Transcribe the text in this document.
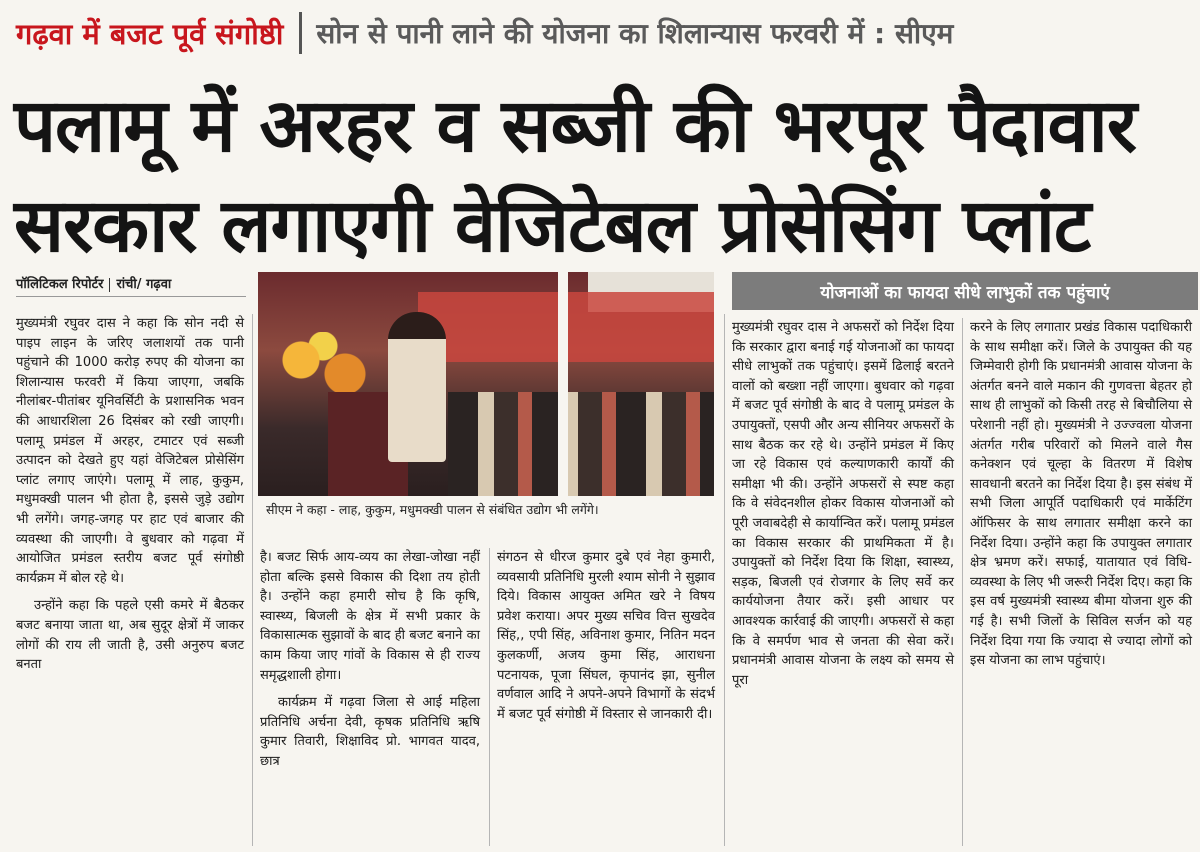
गढ़वा में बजट पूर्व संगोष्ठी सोन से पानी लाने की योजना का शिलान्यास फरवरी में : सीएम
पलामू में अरहर व सब्जी की भरपूर पैदावार
सरकार लगाएगी वेजिटेबल प्रोसेसिंग प्लांट
पॉलिटिकल रिपोर्टर रांची/ गढ़वा
सीएम ने कहा - लाह, कुकुम, मधुमक्खी पालन से संबंधित उद्योग भी लगेंगे।
योजनाओं का फायदा सीधे लाभुकों तक पहुंचाएं

मुख्यमंत्री रघुवर दास ने कहा कि सोन नदी से पाइप लाइन के जरिए जलाशयों तक पानी पहुंचाने की 1000 करोड़ रुपए की योजना का शिलान्यास फरवरी में किया जाएगा, जबकि नीलांबर-पीतांबर यूनिवर्सिटी के प्रशासनिक भवन की आधारशिला 26 दिसंबर को रखी जाएगी। पलामू प्रमंडल में अरहर, टमाटर एवं सब्जी उत्पादन को देखते हुए यहां वेजिटेबल प्रोसेसिंग प्लांट लगाए जाएंगे। पलामू में लाह, कुकुम, मधुमक्खी पालन भी होता है, इससे जुड़े उद्योग भी लगेंगे। जगह-जगह पर हाट एवं बाजार की व्यवस्था की जाएगी। वे बुधवार को गढ़वा में आयोजित प्रमंडल स्तरीय बजट पूर्व संगोष्ठी कार्यक्रम में बोल रहे थे।

उन्होंने कहा कि पहले एसी कमरे में बैठकर बजट बनाया जाता था, अब सुदूर क्षेत्रों में जाकर लोगों की राय ली जाती है, उसी अनुरुप बजट बनता

है। बजट सिर्फ आय-व्यय का लेखा-जोखा नहीं होता बल्कि इससे विकास की दिशा तय होती है। उन्होंने कहा हमारी सोच है कि कृषि, स्वास्थ्य, बिजली के क्षेत्र में सभी प्रकार के विकासात्मक सुझावों के बाद ही बजट बनाने का काम किया जाए गांवों के विकास से ही राज्य समृद्धशाली होगा।

कार्यक्रम में गढ़वा जिला से आई महिला प्रतिनिधि अर्चना देवी, कृषक प्रतिनिधि ऋषि कुमार तिवारी, शिक्षाविद प्रो. भागवत यादव, छात्र

संगठन से धीरज कुमार दुबे एवं नेहा कुमारी, व्यवसायी प्रतिनिधि मुरली श्याम सोनी ने सुझाव दिये। विकास आयुक्त अमित खरे ने विषय प्रवेश कराया। अपर मुख्य सचिव वित्त सुखदेव सिंह,, एपी सिंह, अविनाश कुमार, नितिन मदन कुलकर्णी, अजय कुमा सिंह, आराधना पटनायक, पूजा सिंघल, कृपानंद झा, सुनील वर्णवाल आदि ने अपने-अपने विभागों के संदर्भ में बजट पूर्व संगोष्ठी में विस्तार से जानकारी दी।

मुख्यमंत्री रघुवर दास ने अफसरों को निर्देश दिया कि सरकार द्वारा बनाई गई योजनाओं का फायदा सीधे लाभुकों तक पहुंचाएं। इसमें ढिलाई बरतने वालों को बख्शा नहीं जाएगा। बुधवार को गढ़वा में बजट पूर्व संगोष्ठी के बाद वे पलामू प्रमंडल के उपायुक्तों, एसपी और अन्य सीनियर अफसरों के साथ बैठक कर रहे थे। उन्होंने प्रमंडल में किए जा रहे विकास एवं कल्याणकारी कार्यों की समीक्षा भी की। उन्होंने अफसरों से स्पष्ट कहा कि वे संवेदनशील होकर विकास योजनाओं को पूरी जवाबदेही से कार्यान्वित करें। पलामू प्रमंडल का विकास सरकार की प्राथमिकता में है। उपायुक्तों को निर्देश दिया कि शिक्षा, स्वास्थ्य, सड़क, बिजली एवं रोजगार के लिए सर्वे कर कार्ययोजना तैयार करें। इसी आधार पर आवश्यक कार्रवाई की जाएगी। अफसरों से कहा कि वे समर्पण भाव से जनता की सेवा करें। प्रधानमंत्री आवास योजना के लक्ष्य को समय से पूरा

करने के लिए लगातार प्रखंड विकास पदाधिकारी के साथ समीक्षा करें। जिले के उपायुक्त की यह जिम्मेवारी होगी कि प्रधानमंत्री आवास योजना के अंतर्गत बनने वाले मकान की गुणवत्ता बेहतर हो साथ ही लाभुकों को किसी तरह से बिचौलिया से परेशानी नहीं हो। मुख्यमंत्री ने उज्ज्वला योजना अंतर्गत गरीब परिवारों को मिलने वाले गैस कनेक्शन एवं चूल्हा के वितरण में विशेष सावधानी बरतने का निर्देश दिया है। इस संबंध में सभी जिला आपूर्ति पदाधिकारी एवं मार्केटिंग ऑफिसर के साथ लगातार समीक्षा करने का निर्देश दिया। उन्होंने कहा कि उपायुक्त लगातार क्षेत्र भ्रमण करें। सफाई, यातायात एवं विधि-व्यवस्था के लिए भी जरूरी निर्देश दिए। कहा कि इस वर्ष मुख्यमंत्री स्वास्थ्य बीमा योजना शुरु की गई है। सभी जिलों के सिविल सर्जन को यह निर्देश दिया गया कि ज्यादा से ज्यादा लोगों को इस योजना का लाभ पहुंचाएं।
